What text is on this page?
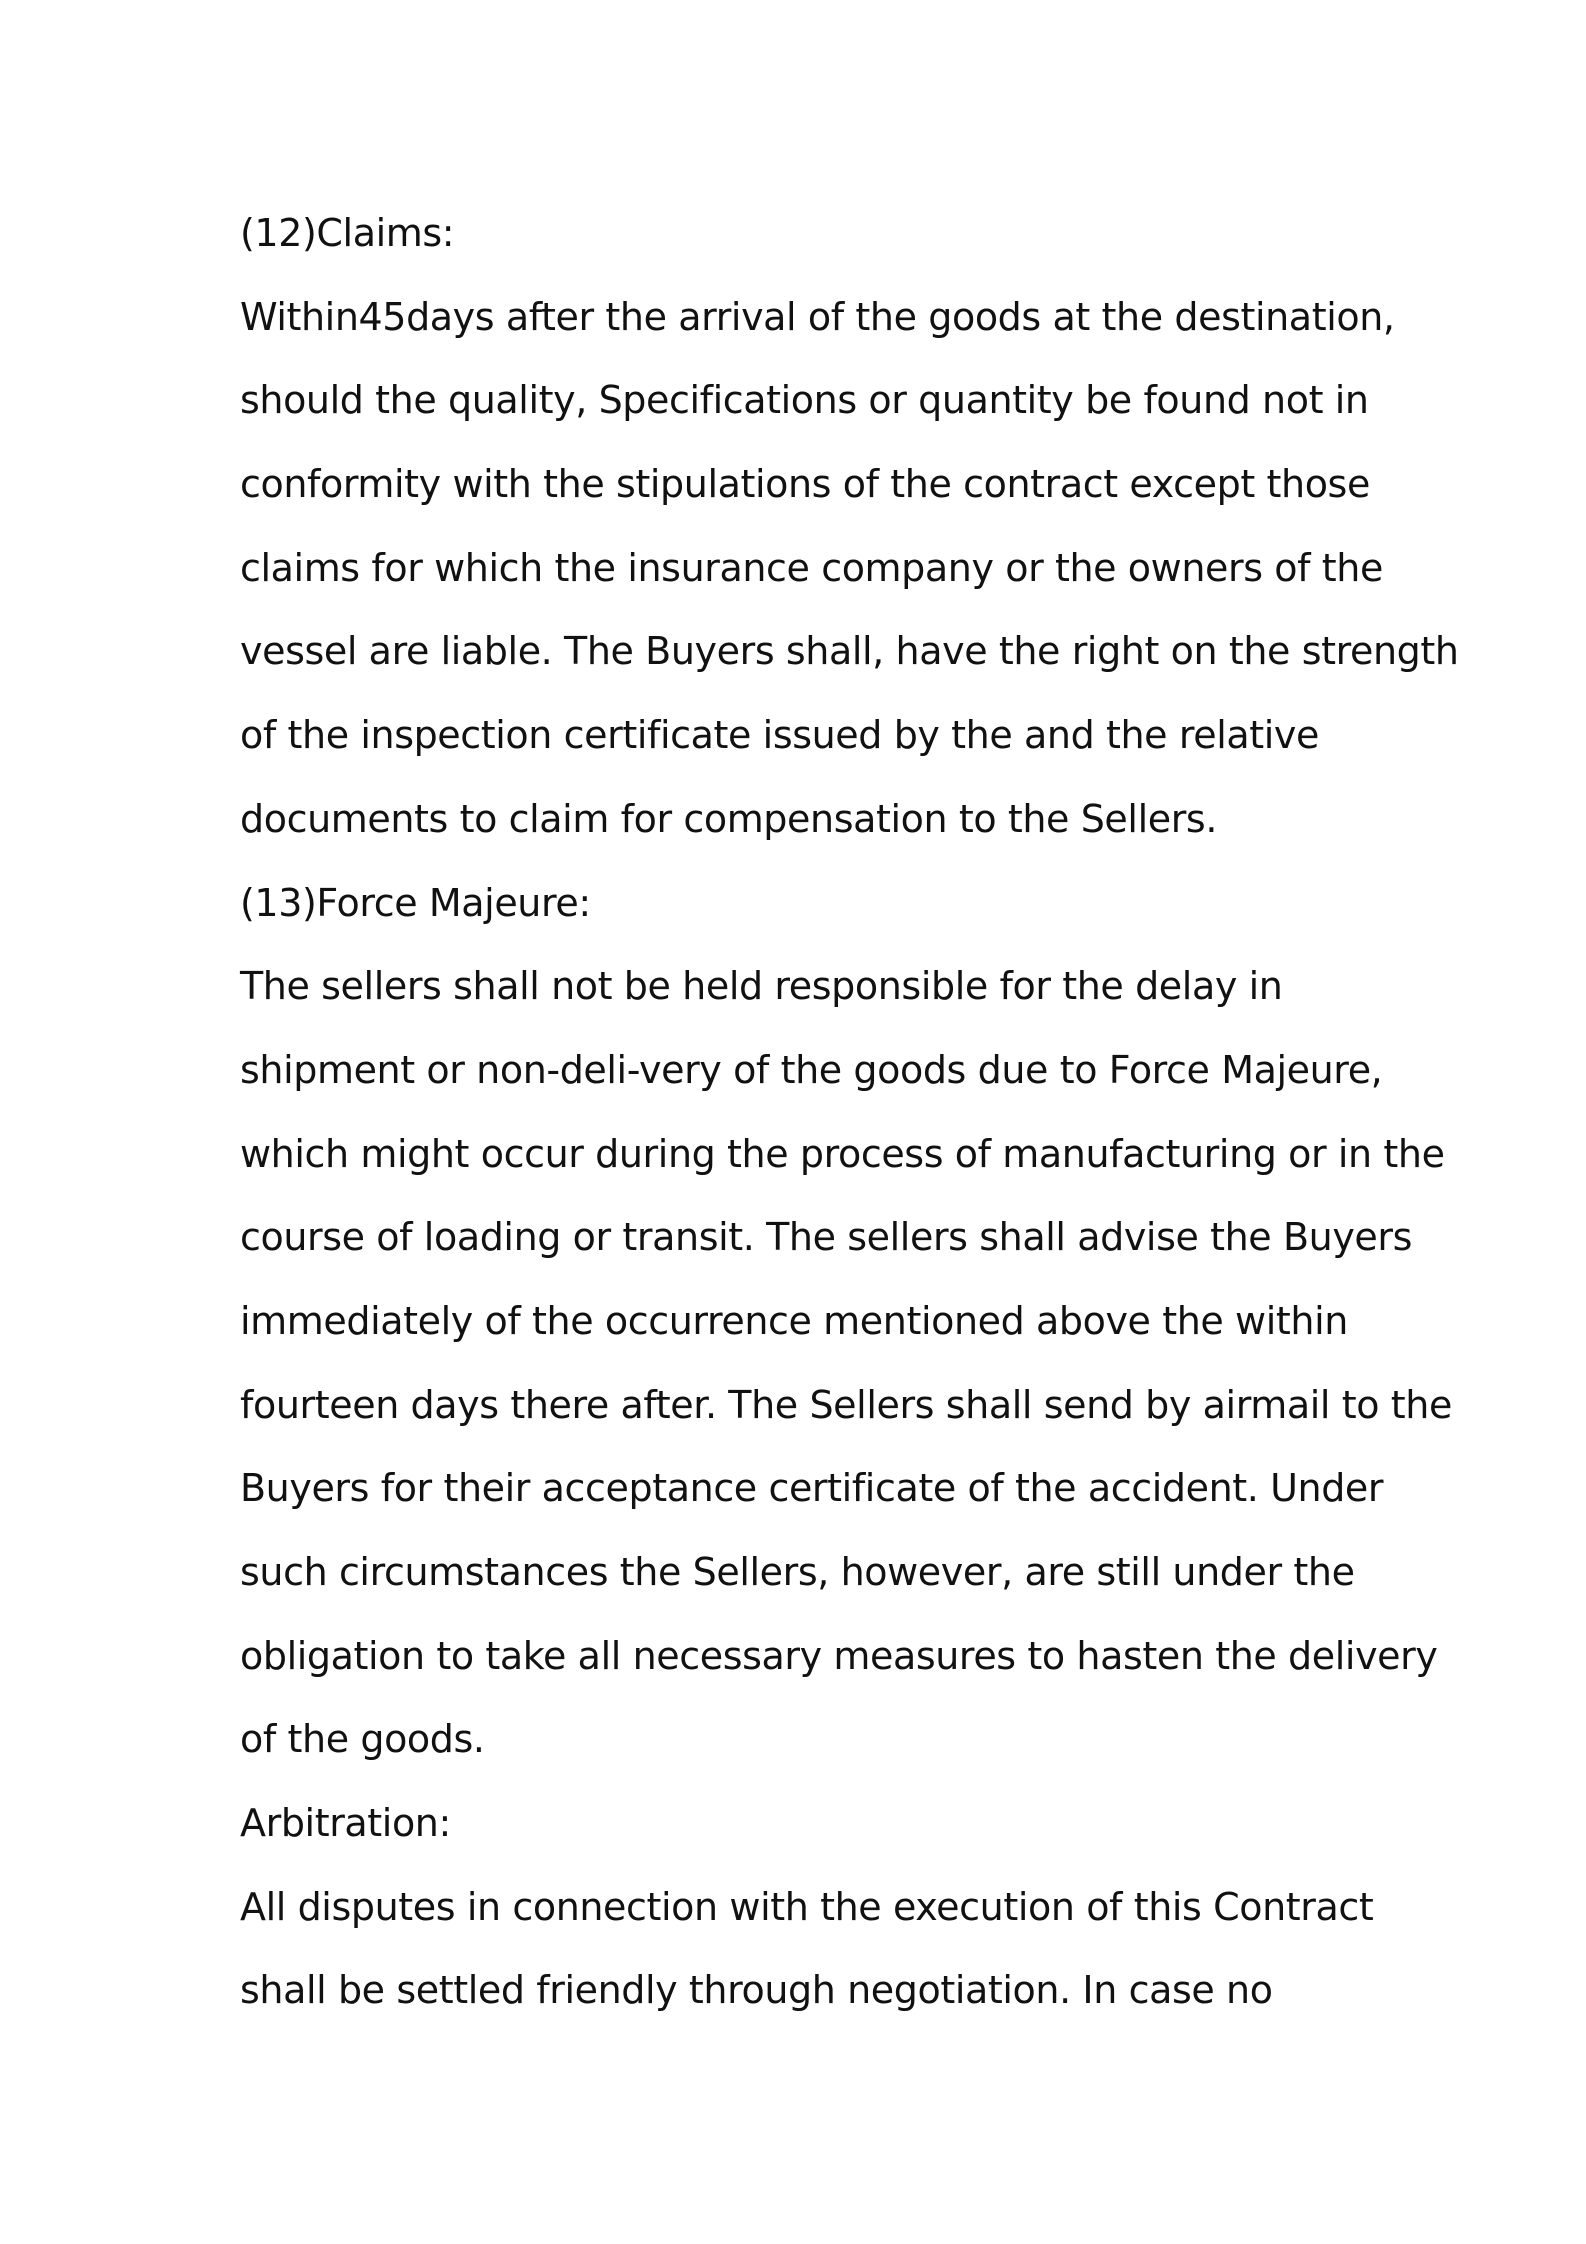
(12)Claims:
Within45days after the arrival of the goods at the destination,
should the quality, Specifications or quantity be found not in
conformity with the stipulations of the contract except those
claims for which the insurance company or the owners of the
vessel are liable. The Buyers shall, have the right on the strength
of the inspection certificate issued by the and the relative
documents to claim for compensation to the Sellers.
(13)Force Majeure:
The sellers shall not be held responsible for the delay in
shipment or non-deli-very of the goods due to Force Majeure,
which might occur during the process of manufacturing or in the
course of loading or transit. The sellers shall advise the Buyers
immediately of the occurrence mentioned above the within
fourteen days there after. The Sellers shall send by airmail to the
Buyers for their acceptance certificate of the accident. Under
such circumstances the Sellers, however, are still under the
obligation to take all necessary measures to hasten the delivery
of the goods.
Arbitration:
All disputes in connection with the execution of this Contract
shall be settled friendly through negotiation. In case no
